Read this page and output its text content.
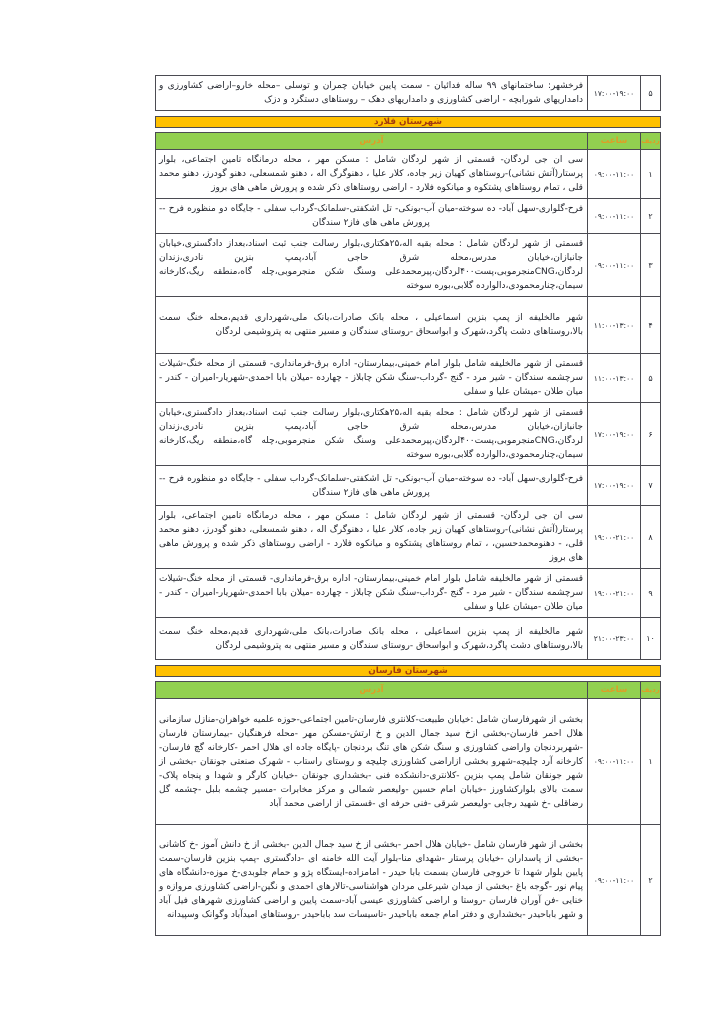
۵
۱۷:۰۰-۱۹:۰۰
فرخشهر: ساختمانهای ۹۹ ساله فدائیان - سمت پایین خیابان چمران و توسلی –محله خارو–اراضی کشاورزی و دامداریهای شورابچه - اراضی کشاورزی و دامداریهای دهک – روستاهای دستگرد و دزک
شهرستان فلارد
ردیف
ساعت
آدرس
۱
۰۹:۰۰-۱۱:۰۰
سی ان جی لردگان- قسمتی از شهر لردگان شامل : مسکن مهر ، محله درمانگاه تامین اجتماعی، بلوار پرستار(آتش نشانی)-روستاهای کهیان زیر جاده، کلار علیا ، دهنوگرگ اله ، دهنو شمسعلی، دهنو گودرز، دهنو محمد قلی ، تمام روستاهای پشتکوه و میانکوه فلارد - اراضی روستاهای ذکر شده و پرورش ماهی های بروز
۲
۰۹:۰۰-۱۱:۰۰
فرح-گلواری-سهل آباد- ده سوخته-میان آب-بونکی- تل اشکفتی-سلمانک-گرداب سفلی - جایگاه دو منظوره فرح -- پرورش ماهی های فاز۲ سندگان
۳
۰۹:۰۰-۱۱:۰۰
قسمتی از شهر لردگان شامل : محله بقیه اله،۲۵هکتاری،بلوار رسالت جنب ثبت اسناد،بعداز دادگستری،خیابان جانبازان،خیابان مدرس،محله شرق حاجی آباد،پمپ بنزین نادری،زندان لردگان،CNGمنجرموبی،پست۴۰۰لردگان،پیرمحمدعلی وسنگ شکن منجرموبی،چله گاه،منطقه ریگ،کارخانه سیمان،چنارمحمودی،دالوارده گلابی،بوره سوخته
۴
۱۱:۰۰-۱۳:۰۰
شهر مالخلیفه از پمپ بنزین اسماعیلی ، محله بانک صادرات،بانک ملی،شهرداری قدیم،محله خنگ سمت بالا،روستاهای دشت پاگرد،شهرک و ابواسحاق -روستای سندگان و مسیر منتهی به پتروشیمی لردگان
۵
۱۱:۰۰-۱۳:۰۰
قسمتی از شهر مالخلیفه شامل بلوار امام خمینی،بیمارستان- اداره برق-فرمانداری- قسمتی از محله خنگ-شیلات سرچشمه سندگان - شیر مرد - گنج -گرداب-سنگ شکن چابلاز - چهارده -میلان بابا احمدی-شهریار-امیران - کندر - میان طلان -میشان علیا و سفلی
۶
۱۷:۰۰-۱۹:۰۰
قسمتی از شهر لردگان شامل : محله بقیه اله،۲۵هکتاری،بلوار رسالت جنب ثبت اسناد،بعداز دادگستری،خیابان جانبازان،خیابان مدرس،محله شرق حاجی آباد،پمپ بنزین نادری،زندان لردگان،CNGمنجرموبی،پست۴۰۰لردگان،پیرمحمدعلی وسنگ شکن منجرموبی،چله گاه،منطقه ریگ،کارخانه سیمان،چنارمحمودی،دالوارده گلابی،بوره سوخته
۷
۱۷:۰۰-۱۹:۰۰
فرح-گلواری-سهل آباد- ده سوخته-میان آب-بونکی- تل اشکفتی-سلمانک-گرداب سفلی - جایگاه دو منظوره فرح -- پرورش ماهی های فاز۲ سندگان
۸
۱۹:۰۰-۲۱:۰۰
سی ان جی لردگان- قسمتی از شهر لردگان شامل : مسکن مهر ، محله درمانگاه تامین اجتماعی، بلوار پرستار(آتش نشانی)-روستاهای کهیان زیر جاده، کلار علیا ، دهنوگرگ اله ، دهنو شمسعلی، دهنو گودرز، دهنو محمد قلی، - دهنومحمدحسین، ، تمام روستاهای پشتکوه و میانکوه فلارد - اراضی روستاهای ذکر شده و پرورش ماهی های بروز
۹
۱۹:۰۰-۲۱:۰۰
قسمتی از شهر مالخلیفه شامل بلوار امام خمینی،بیمارستان- اداره برق-فرمانداری- قسمتی از محله خنگ-شیلات سرچشمه سندگان - شیر مرد - گنج -گرداب-سنگ شکن چابلاز - چهارده -میلان بابا احمدی-شهریار-امیران - کندر - میان طلان -میشان علیا و سفلی
۱۰
۲۱:۰۰-۲۳:۰۰
شهر مالخلیفه از پمپ بنزین اسماعیلی ، محله بانک صادرات،بانک ملی،شهرداری قدیم،محله خنگ سمت بالا،روستاهای دشت پاگرد،شهرک و ابواسحاق -روستای سندگان و مسیر منتهی به پتروشیمی لردگان
شهرستان فارسان
ردیف
ساعت
آدرس
۱
۰۹:۰۰-۱۱:۰۰
بخشی از شهرفارسان شامل :خیابان طبیعت-کلانتری فارسان-تامین اجتماعی-حوزه علمیه خواهران-منازل سازمانی هلال احمر فارسان-بخشی ازخ سید جمال الدین و خ ارتش-مسکن مهر -محله فرهنگیان -بیمارستان فارسان -شهربردنجان واراضی کشاورزی و سنگ شکن های تنگ بردنجان -پایگاه جاده ای هلال احمر -کارخانه گچ فارسان-کارخانه آرد چلیچه-شهرو بخشی ازاراضی کشاورزی چلیچه و روستای راستاب - شهرک صنعتی جونقان -بخشی از شهر جونقان شامل پمپ بنزین -کلانتری-دانشکده فنی -بخشداری جونقان -خیابان کارگر و شهدا و پنجاه پلاک- سمت بالای بلوارکشاورز -خیابان امام حسین -ولیعصر شمالی و مرکز مخابرات -مسیر چشمه بلبل -چشمه گل رضاقلی -خ شهید رجایی -ولیعصر شرقی -فنی حرفه ای -قسمتی از اراضی محمد آباد
۲
۰۹:۰۰-۱۱:۰۰
بخشی از شهر فارسان شامل -خیابان هلال احمر -بخشی از خ سید جمال الدین -بخشی از خ دانش آموز -خ کاشانی -بخشی از پاسداران -خیابان پرستار -شهدای منا-بلوار آیت الله خامنه ای -دادگستری -پمپ بنزین فارسان-سمت پایین بلوار شهدا تا خروجی فارسان بسمت بابا حیدر - امامزاده-ایستگاه پژو و حمام جلوبدی-خ موزه-دانشگاه های پیام نور -گوجه باغ -بخشی از میدان شیرعلی مردان هواشناسی-تالارهای احمدی و نگین-اراضی کشاورزی مروازه و خنایی -فن آوران فارسان -روستا و اراضی کشاورزی عیسی آباد-سمت پایین و اراضی کشاورزی شهرهای فیل آباد و شهر باباحیدر -بخشداری و دفتر امام جمعه باباحیدر -تاسیسات سد باباحیدر -روستاهای امیدآباد وگوانک وسپیدانه
